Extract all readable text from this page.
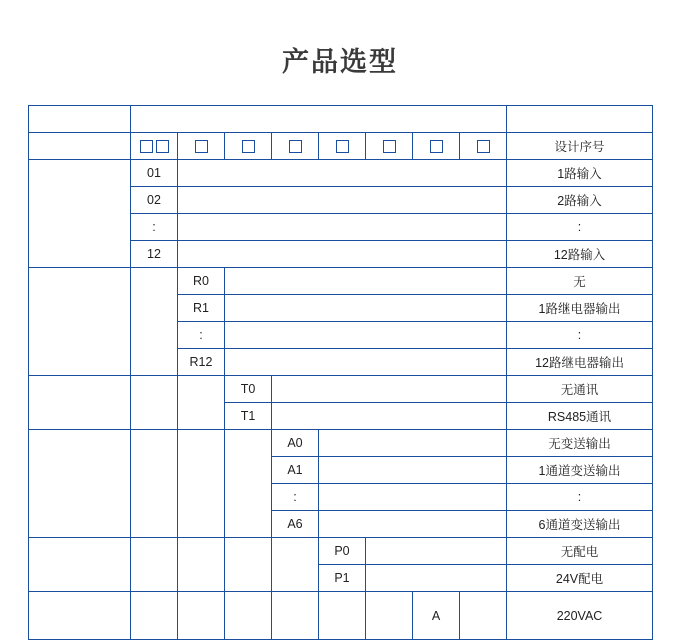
产品选型
型 号	功能规格（SIN-R5000C无纸记录仪系列）								说 明
SIN-R5000C									设计序号
通道	01								1路输入
	02								2路输入
	:								:
	12								12路输入
报警触点		R0							无
		R1							1路继电器输出
		:							:
		R12							12路继电器输出
通讯方式			T0						无通讯
			T1						RS485通讯
变送输出				A0					无变送输出
				A1					1通道变送输出
				:					:
				A6					6通道变送输出
配电输出					P0				无配电
					P1				24V配电
供电方式							A		220VAC
